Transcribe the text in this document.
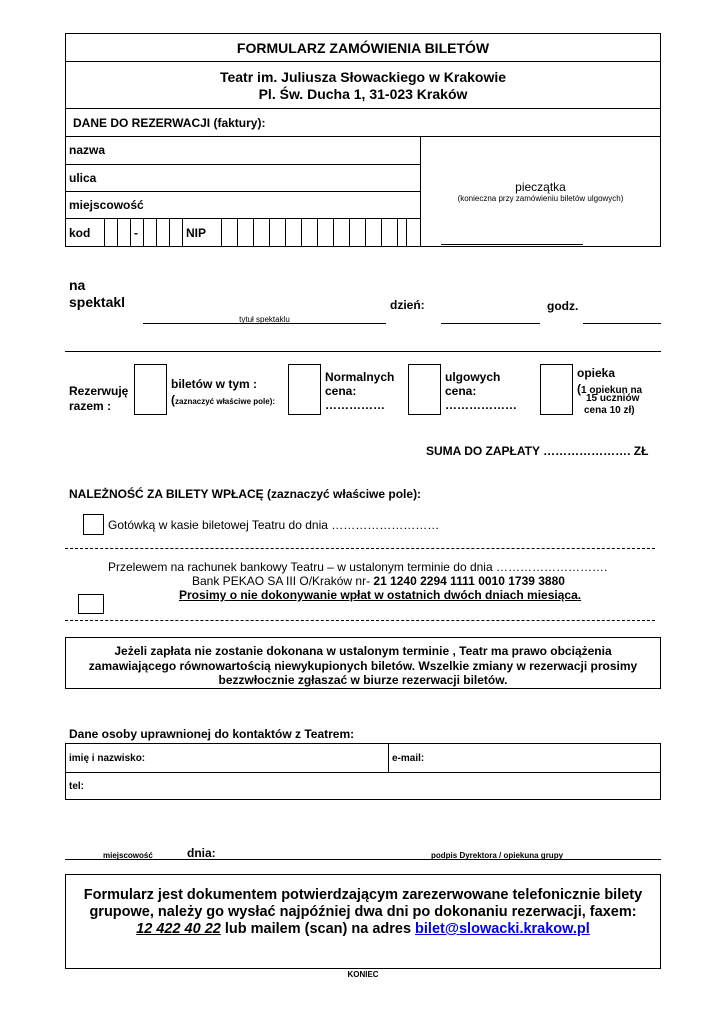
FORMULARZ ZAMÓWIENIA BILETÓW
Teatr im. Juliusza Słowackiego w Krakowie
Pl. Św. Ducha 1, 31-023 Kraków
DANE DO REZERWACJI (faktury):
nazwa
ulica
miejscowość
kod	-	NIP
pieczątka
(konieczna przy zamówieniu biletów ulgowych)
na
spektakl
tytuł spektaklu
dzień:	godz.
Rezerwuję
razem :
biletów w tym :
(zaznaczyć właściwe pole):
Normalnych
cena:
……………
ulgowych
cena:
………………
opieka
(1 opiekun na
15 uczniów
cena 10 zł)
SUMA DO ZAPŁATY …………………. ZŁ
NALEŻNOŚĆ ZA BILETY WPŁACĘ (zaznaczyć właściwe pole):
Gotówką w kasie biletowej Teatru do dnia ………………………
Przelewem na rachunek bankowy Teatru – w ustalonym terminie do dnia ……………………….
Bank PEKAO SA III O/Kraków nr- 21 1240 2294 1111 0010 1739 3880
Prosimy o nie dokonywanie wpłat w ostatnich dwóch dniach miesiąca.
Jeżeli zapłata nie zostanie dokonana w ustalonym terminie , Teatr ma prawo obciążenia
zamawiającego równowartością niewykupionych biletów. Wszelkie zmiany w rezerwacji prosimy
bezzwłocznie zgłaszać w biurze rezerwacji biletów.
Dane osoby uprawnionej do kontaktów z Teatrem:
imię i nazwisko:	e-mail:
tel:
miejscowość	dnia:	podpis Dyrektora / opiekuna grupy
Formularz jest dokumentem potwierdzającym zarezerwowane telefonicznie bilety
grupowe, należy go wysłać najpóźniej dwa dni po dokonaniu rezerwacji, faxem:
12 422 40 22 lub mailem (scan) na adres bilet@slowacki.krakow.pl
KONIEC
